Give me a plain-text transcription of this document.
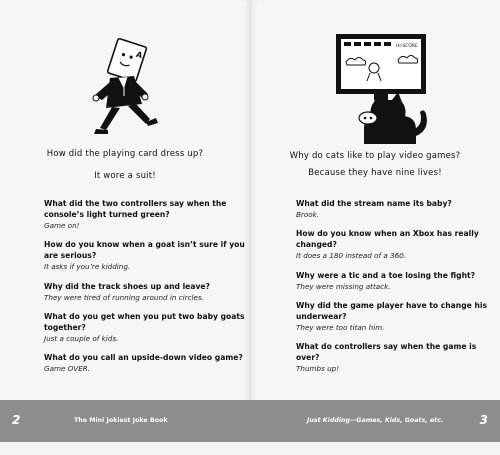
A
How did the playing card dress up?
It wore a suit!
What did the two controllers say when the console’s light turned green?
Game on!
How do you know when a goat isn’t sure if you are serious?
It asks if you’re kidding.
Why did the track shoes up and leave?
They were tired of running around in circles.
What do you get when you put two baby goats together?
Just a couple of kids.
What do you call an upside-down video game?
Game OVER.
2	The Mini Jokiest Joke Book
HI-SCORE
Why do cats like to play video games?
Because they have nine lives!
What did the stream name its baby?
Brook.
How do you know when an Xbox has really changed?
It does a 180 instead of a 360.
Why were a tic and a toe losing the fight?
They were missing attack.
Why did the game player have to change his underwear?
They were too titan him.
What do controllers say when the game is over?
Thumbs up!
Just Kidding—Games, Kids, Goats, etc.	3
